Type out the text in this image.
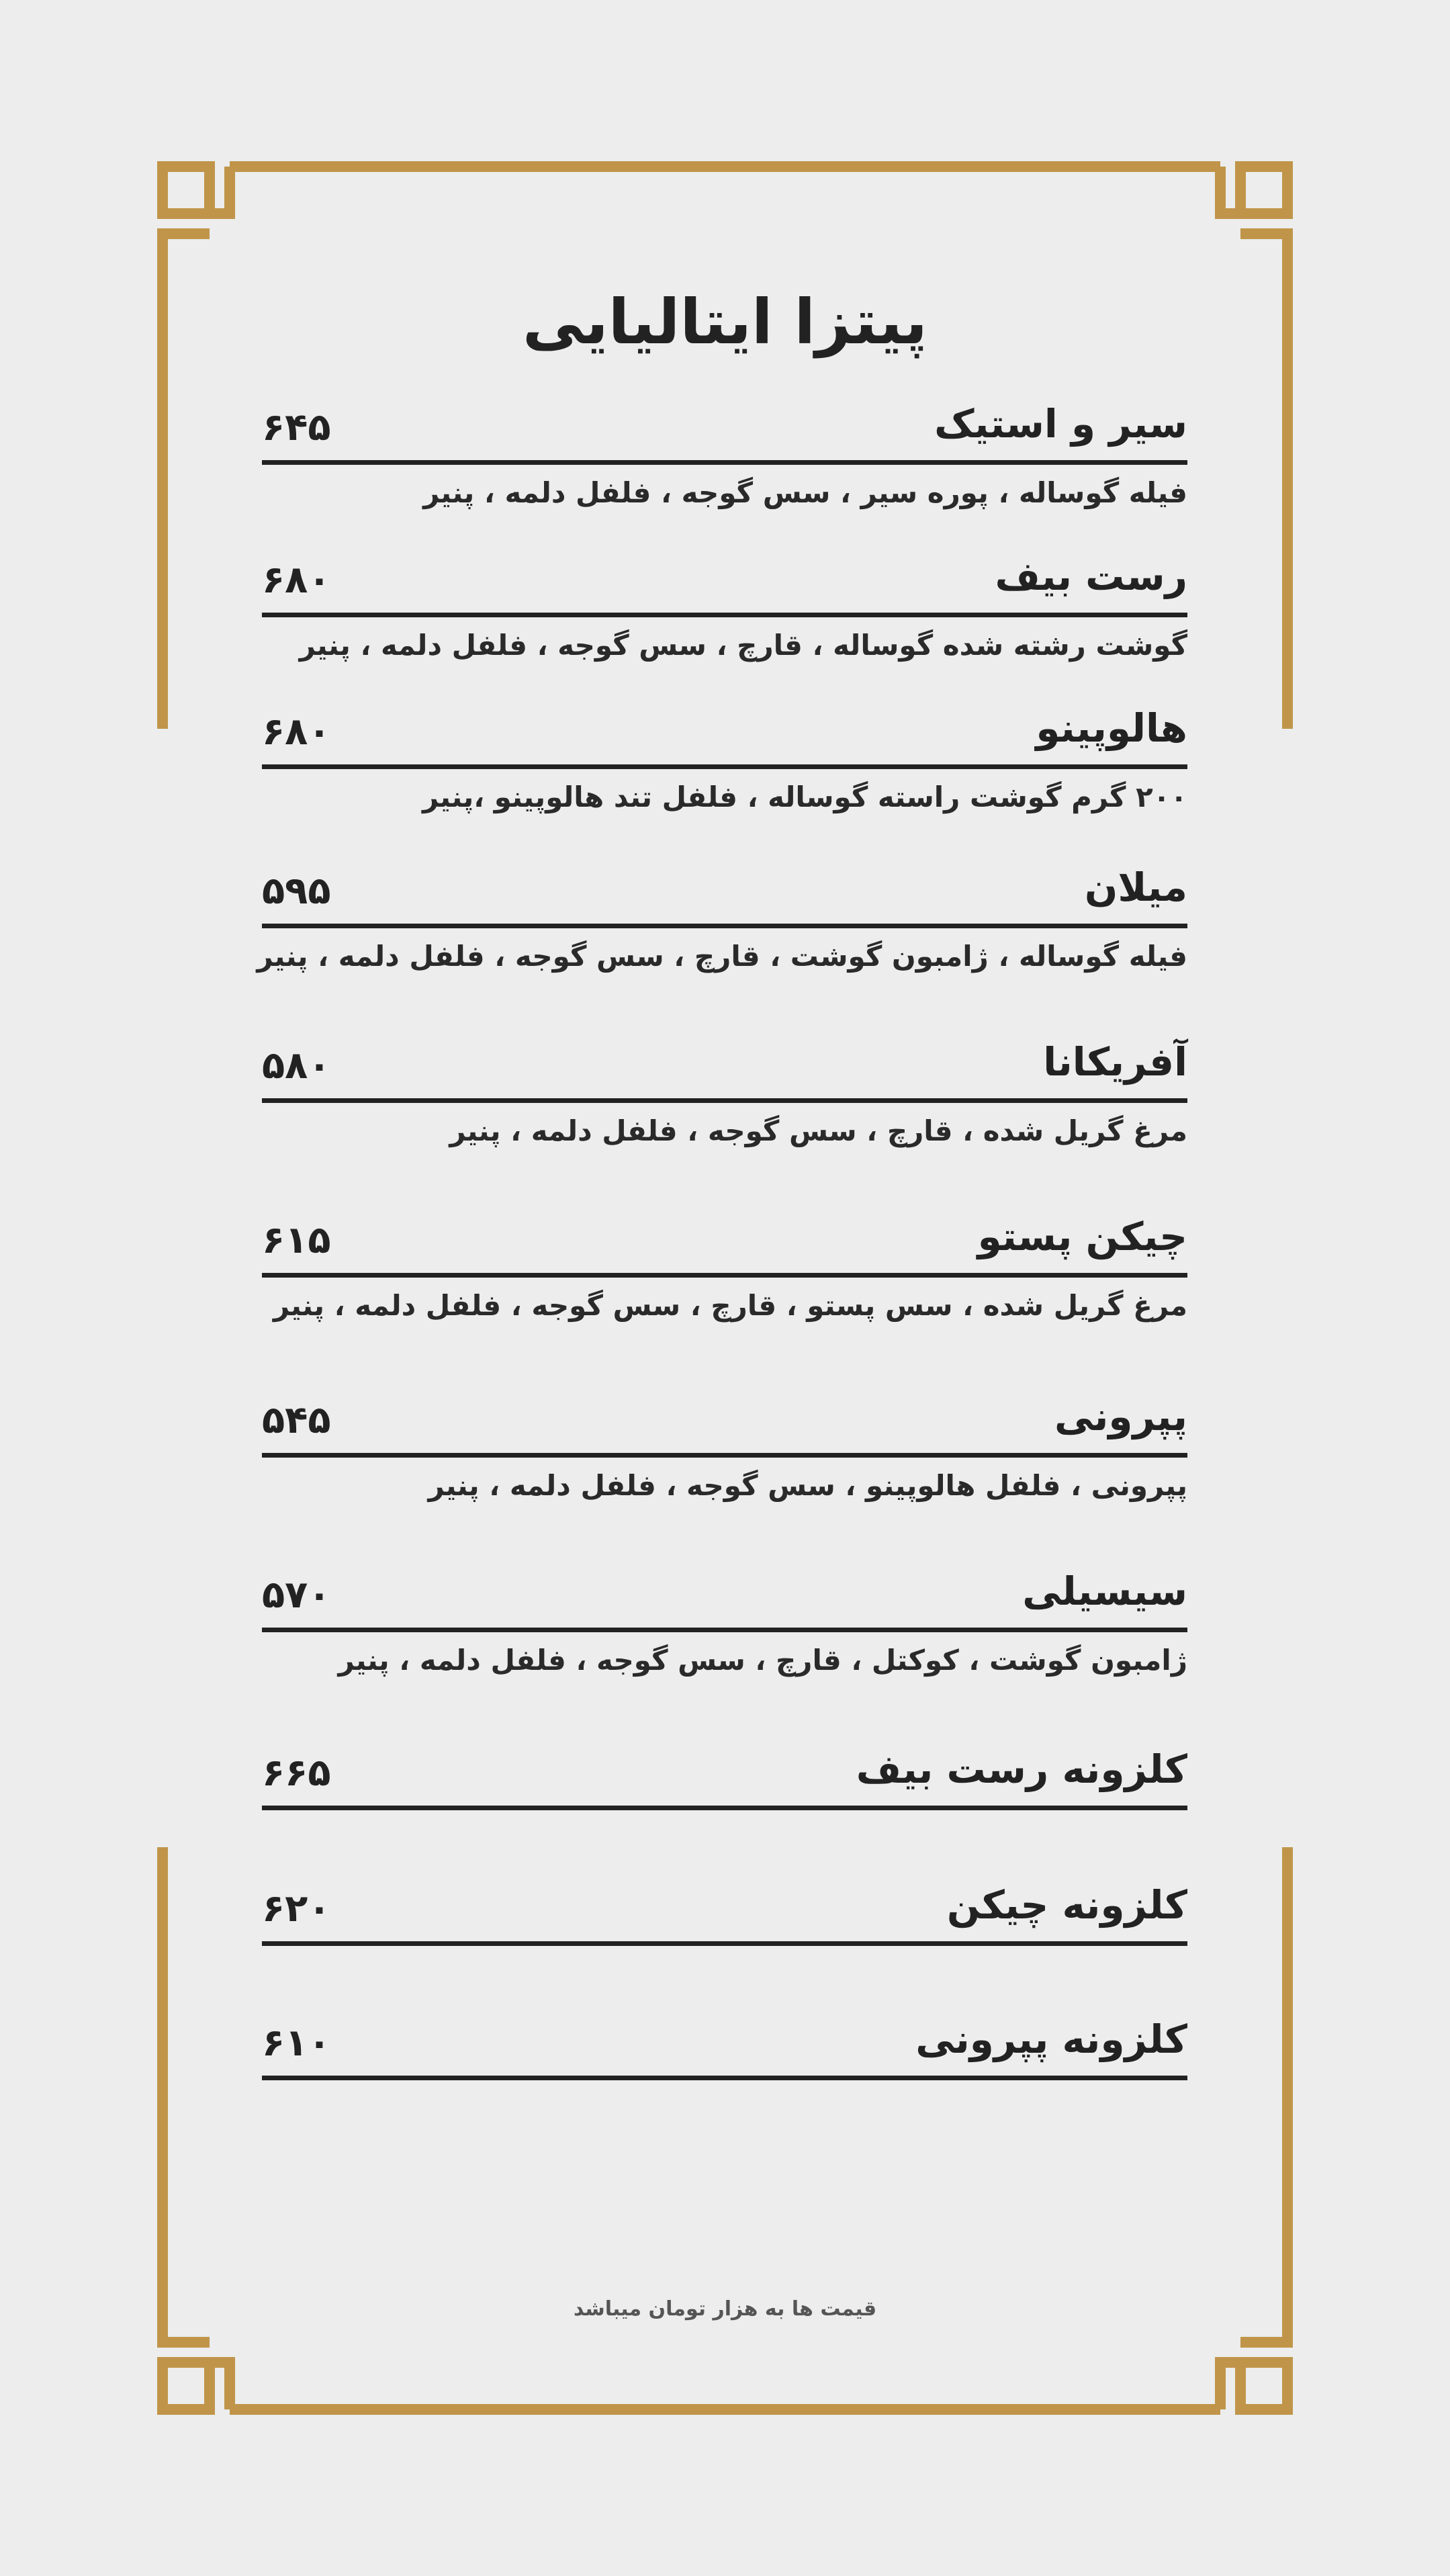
پیتزا ایتالیایی
سیر و استیک
۶۴۵
فیله گوساله ، پوره سیر ، سس گوجه ، فلفل دلمه ، پنیر
رست بیف
۶۸۰
گوشت رشته شده گوساله ، قارچ ، سس گوجه ، فلفل دلمه ، پنیر
هالوپینو
۶۸۰
۲۰۰ گرم گوشت راسته گوساله ، فلفل تند هالوپینو ،پنیر
میلان
۵۹۵
فیله گوساله ، ژامبون گوشت ، قارچ ، سس گوجه ، فلفل دلمه ، پنیر
آفریکانا
۵۸۰
مرغ گریل شده ، قارچ ، سس گوجه ، فلفل دلمه ، پنیر
چیکن پستو
۶۱۵
مرغ گریل شده ، سس پستو ، قارچ ، سس گوجه ، فلفل دلمه ، پنیر
پپرونی
۵۴۵
پپرونی ، فلفل هالوپینو ، سس گوجه ، فلفل دلمه ، پنیر
سیسیلی
۵۷۰
ژامبون گوشت ، کوکتل ، قارچ ، سس گوجه ، فلفل دلمه ، پنیر
کلزونه رست بیف
۶۶۵
کلزونه چیکن
۶۲۰
کلزونه پپرونی
۶۱۰
قیمت ها به هزار تومان میباشد
